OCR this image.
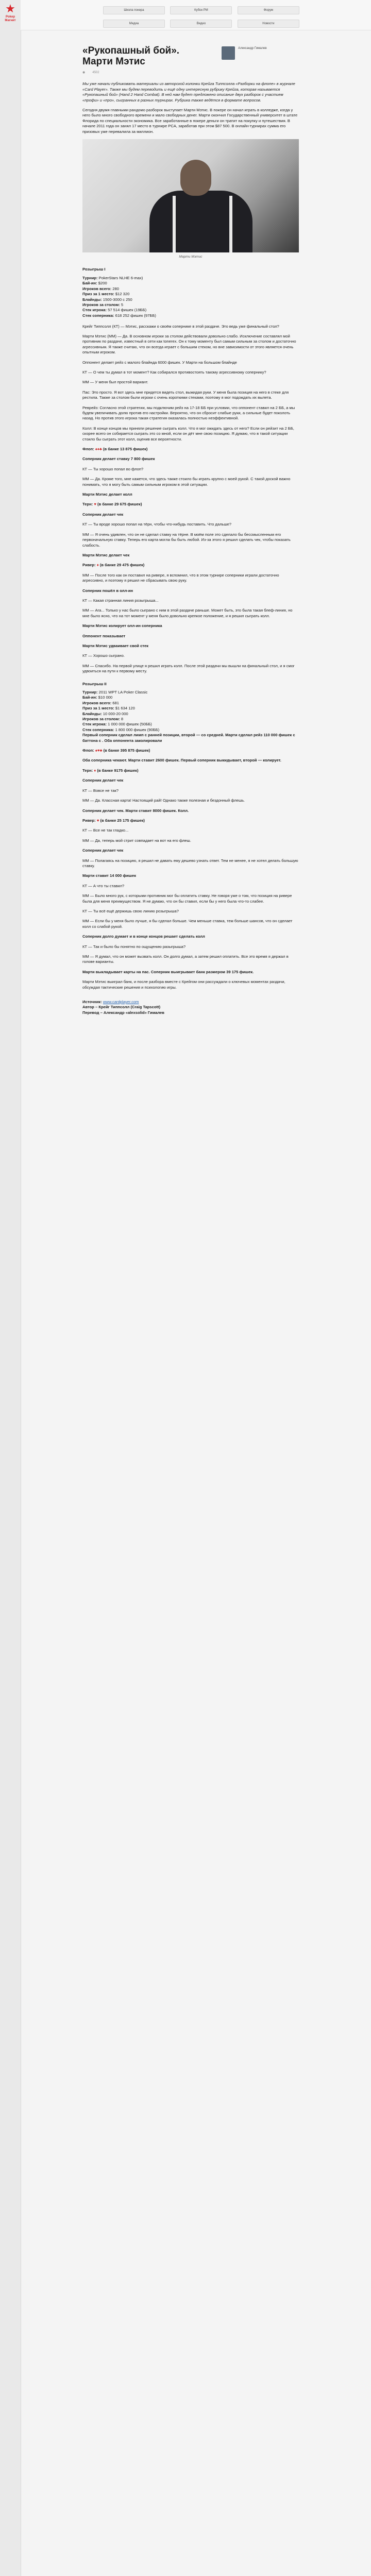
★
Pokeр Магнит
Школа покера	Кубок РМ	Форум Медиа	Видео	Новости
Александр Гималев
«Рукопашный бой». Марти Мэтис
◉ 4502

Мы уже начали публиковать материалы из авторской колонки Крейга Типпсолла «Разборки на флопе» в журнале «Card Player». Также мы будем переводить и ещё одну интересную рубрику Крейга, которая называется «Рукопашный бой» (Hand 2 Hand Combat). В ней нам будет предложено описание двух разборок с участием «профи» и «про», сыгранных в разных турнирах. Рубрика также ведётся в формате вопросов.

Сегодня двумя главными рандомо разборок выступает Марти Мэтис. В покере он начал играть в колледже, когда у него было много свободного времени и мало свободных денег. Марти окончил Государственный университет в штате Флорида по специальности экономика. Все заработанные в покере деньги он тратит на покупку и путешествия. В начале 2011 года он занял 17 место в турнире PCA, заработав при этом $87 500. В онлайн-турнирах сумма его призовых уже перевалила за миллион.

Марти Мэтис
Розыгрыш I
Турнир: PokerStars NLHE 6-max)
Бай-ин: $200
Игроков всего: 280
Приз за 1 место: $12 320
Блайнды: 1500-3000 с 250
Игроков за столом: 5
Стек игрока: 57 514 фишек (19ББ)
Стек соперника: 618 252 фишек (97ББ)

Крейг Типпсолл (КТ) — Мэтис, расскажи о своём сопернике в этой раздаче. Это ведь уже финальный стол?

Марти Мэтис (ММ) — Да. В основном игроки за столом действовали довольно слабо. Исключение составлял мой противник по раздаче, известный в сети как tonerex. Он к тому моменту был самым сильным за столом и достаточно агрессивным. Я также считаю, что он всегда играет с большим стеком, но вне зависимости от этого является очень опытным игроком.

Оппонент делает рейз с малого блайнда 6000 фишек. У Марти на большом блайнде

КТ — О чем ты думал в тот момент? Как собирался противостоять такому агрессивному сопернику?

ММ — У меня был простой вариант.

Пас: Это просто. Я вот здесь мне придется видеть стол, выжидая руки. У меня была позиция на него в стеке для рестила. Также за столом были игроки с очень короткими стеками, поэтому я мог подождать их вылета.

Реврейз: Согласно этой стратегии, мы подключим рейз на 17-18 ББ при условии, что оппонент ставил на 2 ББ, а мы будем увеличивать долю против его настройки. Вероятно, что он сбросит слабые руки, а сильные будет поколоть назад. Но против этого игрока такая стратегия оказалась полностью неэффективной.

Колл: В конце концов мы приняли решение сыграть колл. Что я мог ожидать здесь от него? Если он рейзит на 2 ББ, скорее всего он собирается сыграть это со мной, если он дёт мне свою позицию. Я думаю, что в такой ситуации стоило бы сыграть этот колл, оценив все вероятности.

Флоп: ♠♦♣ (в банке 13 875 фишек)

Соперник делает ставку 7 800 фишек

КТ — Ты хорошо попал во флоп?

ММ — Да. Кроме того, мне кажется, что здесь также стоило бы играть крупно с моей рукой. С такой доской важно понимать, что я могу быть самым сильным игроком в этой ситуации.

Марти Мэтис делает колл

Терн: ♥ (в банке 29 675 фишек)

Соперник делает чек

КТ — Ты вроде хорошо попал на тёрн, чтобы что-нибудь поставить. Что дальше?

ММ — Я очень удивлен, что он не сделал ставку на тёрне. В моём поле это сделало бы бессмысленным его первоначальную ставку. Теперь его карта могла бы быть любой. Из-за этого я решил сделать чек, чтобы показать слабость.

Марти Мэтис делает чек

Ривер: ♦ (в банке 29 475 фишек)

ММ — После того как он поставил на ривере, я вспомнил, что в этом турнире соперники играли достаточно агрессивно, и поэтому я решил не сбрасывать свою руку.

Соперник пошёл в олл-ин

КТ — Какая странная линия розыгрыша...

ММ — Ага... Только у нас было сыграно с ним в этой раздаче раньше. Может быть, это была такая блеф-линия, но мне было ясно, что на тот момент у меня было довольно крепкое положение, и я решил сыграть колл.

Марти Мэтис колирует олл-ин соперника

Оппонент показывает

Марти Мэтис удваивает свой стек

КТ — Хорошо сыграно.

ММ — Спасибо. На первой улице я решил играть колл. После этой раздачи мы вышли на финальный стол, и я смог удвоиться на пути к первому месту.

Розыгрыш II
Турнир: 2011 WPT LA Poker Classic
Бай-ин: $10 000
Игроков всего: 681
Приз за 1 место: $1 634 120
Блайнды: 10 000-20 000
Игроков за столом: 8
Стек игрока: 1 000 000 фишек (50ББ)
Стек соперника: 1 800 000 фишек (90ББ)

Первый соперник сделал лимп с ранней позиции, второй — со средней. Марти сделал рейз 110 000 фишек с баттона с . Оба оппонента заколировали

Флоп: ♠♥♣ (в банке 395 875 фишек)

Оба соперника чекают. Марти ставит 2600 фишек. Первый соперник выкидывает, второй — колирует.

Терн: ♦ (в банке 9175 фишек)

Соперник делает чек

КТ — Вовсе не так?

ММ — Да. Классная карта! Настоящий рай! Однако также полезная и бездонный флешь.

Соперник делает чек. Марти ставит 8000 фишек. Колл.

Ривер: ♥ (в банке 25 175 фишек)

КТ — Все не так гладко...

ММ — Да, теперь мой стрит совпадает на вот на его флеш.

Соперник делает чек

ММ — Полагаясь на позицию, я решил не давать ему дешево узнать ответ. Тем не менее, я не хотел делать большую ставку.

Марти ставит 14 000 фишек

КТ — А что ты ставил?

ММ — Было много рук, с которыми противник мог бы оплатить ставку. Не говоря уже о том, что позиция на ривере была для меня преимуществом. Я не думаю, что он бы ставил, если бы у него была что-то слабее.

КТ — Ты всё ещё держишь свою линию розыгрыша?

ММ — Если бы у меня было лучше, я бы сделал больше. Чем меньше ставка, тем больше шансов, что он сделает колл со слабой рукой.

Соперник долго думает и в конце концов решает сделать колл

КТ — Так и было бы понятно по ощущению разыгрыша?

ММ — Я думал, что он может вызвать колл. Он долго думал, а затем решил оплатить. Все это время я держал в голове варианты.

Марти выкладывает карты на пас. Соперник выигрывает банк размером 39 175 фишек.

Марти Мэтис выиграл банк, и после разбора вместе с Крейгом они рассуждали о ключевых моментах раздачи, обсуждая тактические решения и психологию игры.

Источник: www.cardplayer.com
Автор – Крейг Типпсолл (Craig Tapscott)
Перевод – Александр «alexsolid» Гималев
